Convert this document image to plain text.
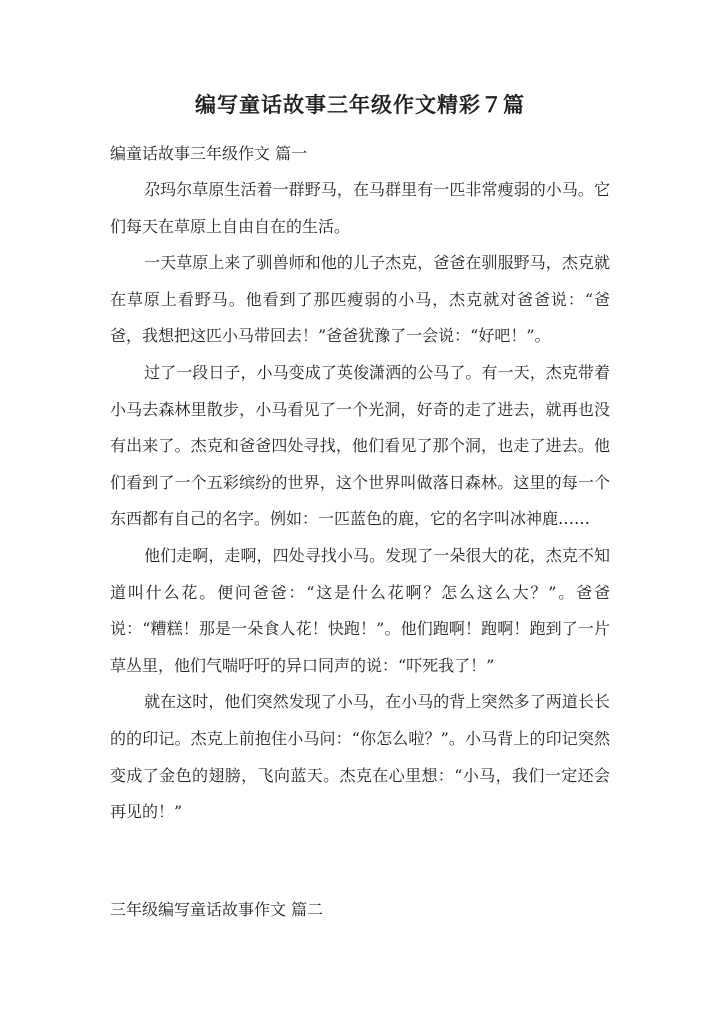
编写童话故事三年级作文精彩７篇
编童话故事三年级作文 篇一

　尕玛尔草原生活着一群野马，在马群里有一匹非常瘦弱的小马。它们每天在草原上自由自在的生活。

　一天草原上来了驯兽师和他的儿子杰克，爸爸在驯服野马，杰克就在草原上看野马。他看到了那匹瘦弱的小马，杰克就对爸爸说：“爸爸，我想把这匹小马带回去！”爸爸犹豫了一会说：“好吧！”。

　过了一段日子，小马变成了英俊潇洒的公马了。有一天，杰克带着小马去森林里散步，小马看见了一个光洞，好奇的走了进去，就再也没有出来了。杰克和爸爸四处寻找，他们看见了那个洞，也走了进去。他们看到了一个五彩缤纷的世界，这个世界叫做落日森林。这里的每一个东西都有自己的名字。例如：一匹蓝色的鹿，它的名字叫冰神鹿……

　他们走啊，走啊，四处寻找小马。发现了一朵很大的花，杰克不知道叫什么花。便问爸爸：“这是什么花啊？怎么这么大？”。爸爸说：“糟糕！那是一朵食人花！快跑！”。他们跑啊！跑啊！跑到了一片草丛里，他们气喘吁吁的异口同声的说：“吓死我了！”

　就在这时，他们突然发现了小马，在小马的背上突然多了两道长长的的印记。杰克上前抱住小马问：“你怎么啦？”。小马背上的印记突然变成了金色的翅膀，飞向蓝天。杰克在心里想：“小马，我们一定还会再见的！”

三年级编写童话故事作文 篇二
